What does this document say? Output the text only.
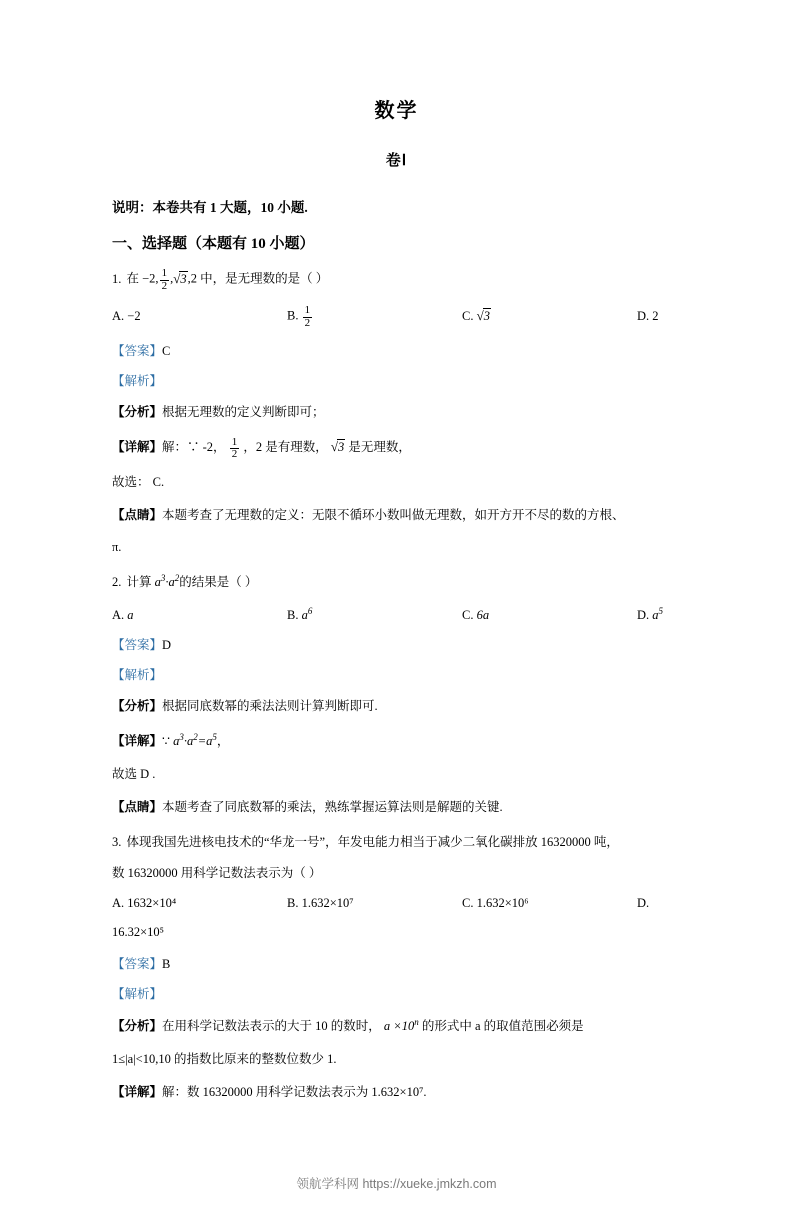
数学
卷Ⅰ
说明：本卷共有 1 大题，10 小题.
一、选择题（本题有 10 小题）
1. 在 −2, $\frac{1}{2} ,√3,2$ 中，是无理数的是（ ）
A. −2	B. $\frac{1}{2}$	C. √3	D. 2
【答案】C
【解析】
【分析】根据无理数的定义判断即可；
【详解】解：∵ -2， $\frac{1}{2}$ ，2 是有理数， √3 是无理数，
故选： C.
【点睛】本题考查了无理数的定义：无限不循环小数叫做无理数，如开方开不尽的数的方根、
π.
2. 计算 $a^3\cdot a^2$的结果是（ ）
A. a	B. $a^6$	C. 6a	D. $a^5$
【答案】D
【解析】
【分析】根据同底数幂的乘法法则计算判断即可.
【详解】∵ $a^3\cdot a^2=a^5$，
故选 D .
【点睛】本题考查了同底数幂的乘法，熟练掌握运算法则是解题的关键.
3. 体现我国先进核电技术的“华龙一号”，年发电能力相当于减少二氧化碳排放 16320000 吨，
数 16320000 用科学记数法表示为（ ）
A. 1632×10⁴	B. 1.632×10⁷	C. 1.632×10⁶	D.
16.32×10⁵
【答案】B
【解析】
【分析】在用科学记数法表示的大于 10 的数时， $a \times 10^n$ 的形式中 a 的取值范围必须是
1≤|a|<10,10 的指数比原来的整数位数少 1.
【详解】解：数 16320000 用科学记数法表示为 1.632×10⁷.
领航学科网 https://xueke.jmkzh.com
